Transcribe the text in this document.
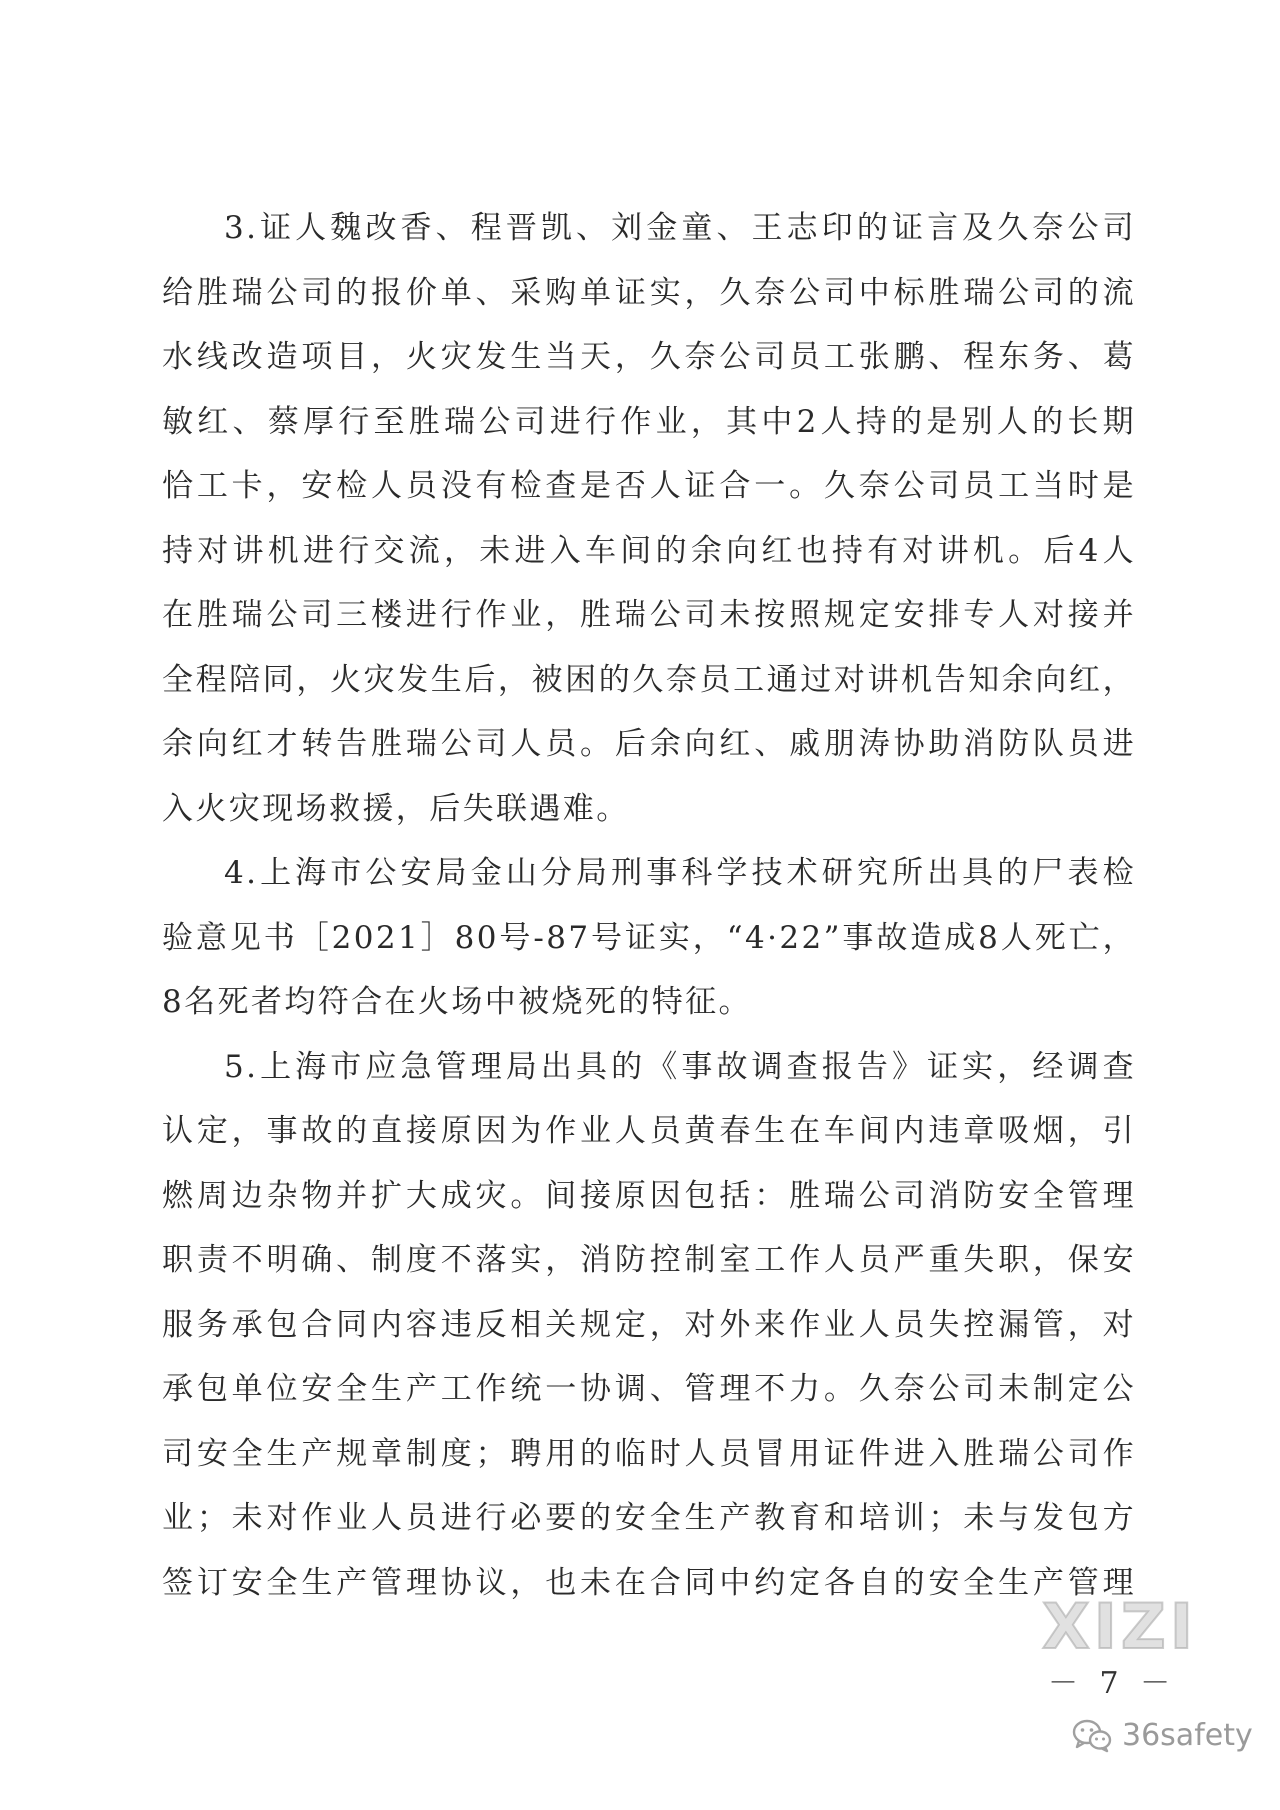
3.证人魏改香、程晋凯、刘金童、王志印的证言及久奈公司
给胜瑞公司的报价单、采购单证实，久奈公司中标胜瑞公司的流
水线改造项目，火灾发生当天，久奈公司员工张鹏、程东务、葛
敏红、蔡厚行至胜瑞公司进行作业，其中2人持的是别人的长期
恰工卡，安检人员没有检查是否人证合一。久奈公司员工当时是
持对讲机进行交流，未进入车间的余向红也持有对讲机。后4人
在胜瑞公司三楼进行作业，胜瑞公司未按照规定安排专人对接并
全程陪同，火灾发生后，被困的久奈员工通过对讲机告知余向红，
余向红才转告胜瑞公司人员。后余向红、戚朋涛协助消防队员进
入火灾现场救援，后失联遇难。

4.上海市公安局金山分局刑事科学技术研究所出具的尸表检
验意见书［2021］80号-87号证实，“4·22”事故造成8人死亡，
8名死者均符合在火场中被烧死的特征。

5.上海市应急管理局出具的《事故调查报告》证实，经调查
认定，事故的直接原因为作业人员黄春生在车间内违章吸烟，引
燃周边杂物并扩大成灾。间接原因包括：胜瑞公司消防安全管理
职责不明确、制度不落实，消防控制室工作人员严重失职，保安
服务承包合同内容违反相关规定，对外来作业人员失控漏管，对
承包单位安全生产工作统一协调、管理不力。久奈公司未制定公
司安全生产规章制度；聘用的临时人员冒用证件进入胜瑞公司作
业；未对作业人员进行必要的安全生产教育和培训；未与发包方
签订安全生产管理协议，也未在合同中约定各自的安全生产管理

XIZI
－ 7 －
36safety
